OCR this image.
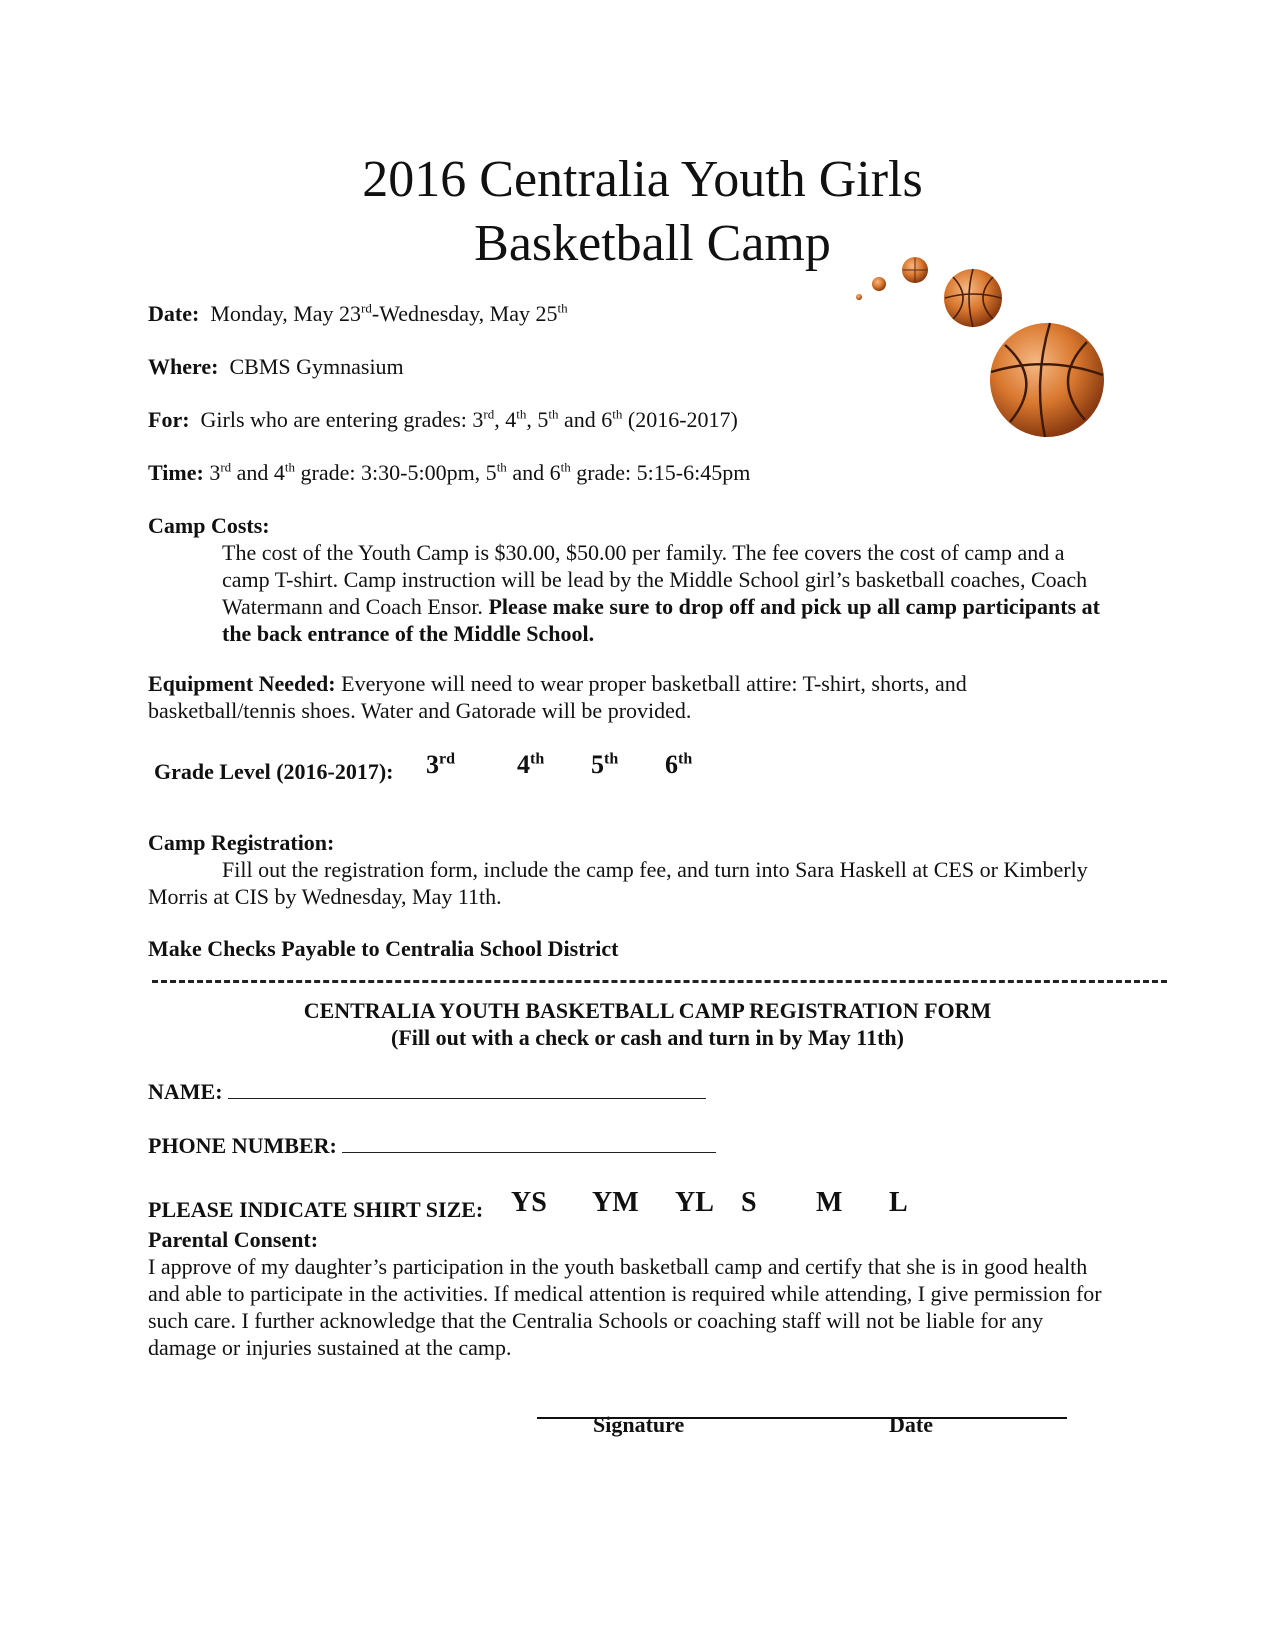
2016 Centralia Youth Girls
Basketball Camp
Date: Monday, May 23rd-Wednesday, May 25th
Where: CBMS Gymnasium
For: Girls who are entering grades: 3rd, 4th, 5th and 6th (2016-2017)
Time: 3rd and 4th grade: 3:30-5:00pm, 5th and 6th grade: 5:15-6:45pm
Camp Costs:
The cost of the Youth Camp is $30.00, $50.00 per family. The fee covers the cost of camp and a camp T-shirt. Camp instruction will be lead by the Middle School girl’s basketball coaches, Coach Watermann and Coach Ensor. Please make sure to drop off and pick up all camp participants at the back entrance of the Middle School.
Equipment Needed: Everyone will need to wear proper basketball attire: T-shirt, shorts, and basketball/tennis shoes. Water and Gatorade will be provided.
Grade Level (2016-2017): 3rd 4th 5th 6th
Camp Registration:
Fill out the registration form, include the camp fee, and turn into Sara Haskell at CES or Kimberly Morris at CIS by Wednesday, May 11th.
Make Checks Payable to Centralia School District
CENTRALIA YOUTH BASKETBALL CAMP REGISTRATION FORM
(Fill out with a check or cash and turn in by May 11th)
NAME:
PHONE NUMBER:
PLEASE INDICATE SHIRT SIZE: YS YM YL S M L
Parental Consent:
I approve of my daughter’s participation in the youth basketball camp and certify that she is in good health and able to participate in the activities. If medical attention is required while attending, I give permission for such care. I further acknowledge that the Centralia Schools or coaching staff will not be liable for any damage or injuries sustained at the camp.
Signature	Date
